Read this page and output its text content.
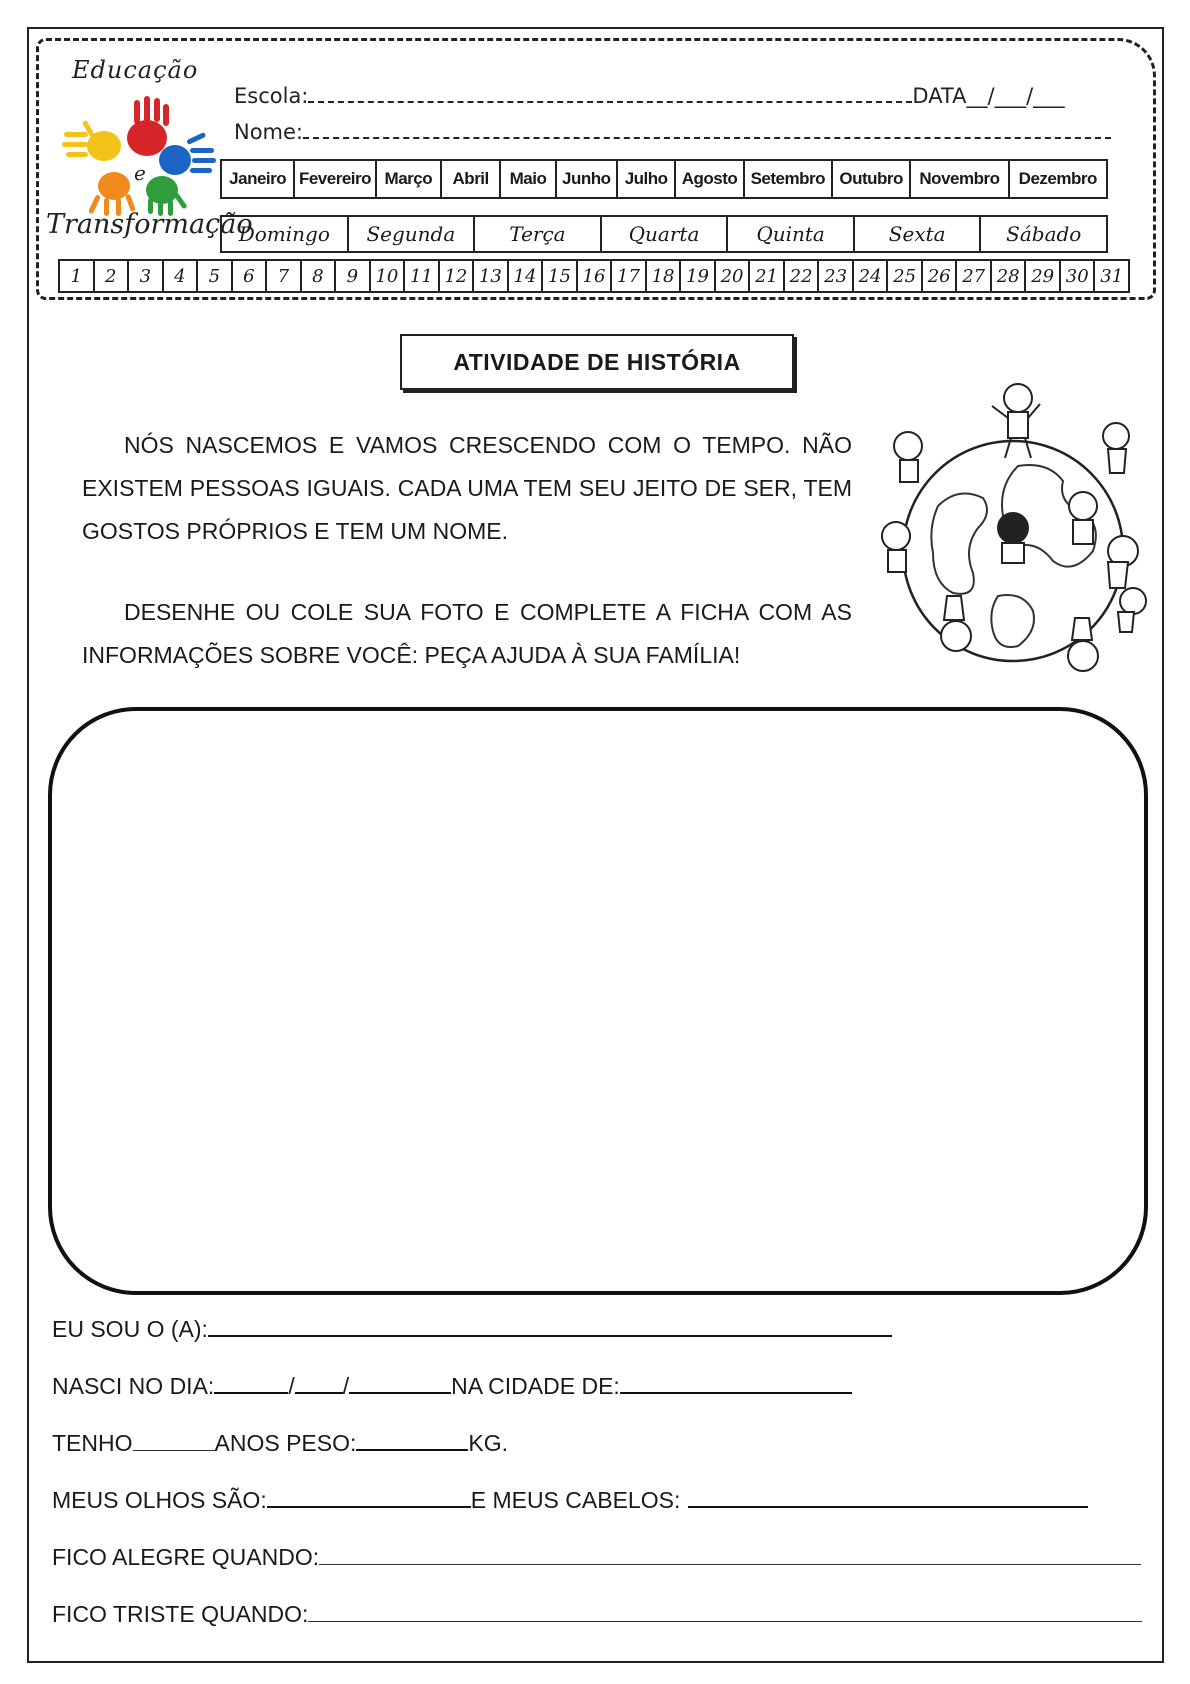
Educação
e
Transformação
Escola:	DATA__/___/___
Nome:
Janeiro Fevereiro Março	Abril	Maio Junho Julho Agosto Setembro Outubro Novembro	Dezembro
Domingo	Segunda	Terça	Quarta	Quinta	Sexta	Sábado
1	2	3	4	5	6	7	8	9 10 11 12 13 14 15 16 17 18 19 20 21 22 23 24 25 26 27 28 29 30 31
ATIVIDADE DE HISTÓRIA
NÓS NASCEMOS E VAMOS CRESCENDO COM O TEMPO. NÃO EXISTEM PESSOAS IGUAIS. CADA UMA TEM SEU JEITO DE SER, TEM GOSTOS PRÓPRIOS E TEM UM NOME.
DESENHE OU COLE SUA FOTO E COMPLETE A FICHA COM AS INFORMAÇÕES SOBRE VOCÊ: PEÇA AJUDA À SUA FAMÍLIA!
EU SOU O (A):
NASCI NO DIA:	/ /	NA CIDADE DE:
TENHO	ANOS PESO:	KG.
MEUS OLHOS SÃO:	E MEUS CABELOS:
FICO ALEGRE QUANDO:
FICO TRISTE QUANDO:
